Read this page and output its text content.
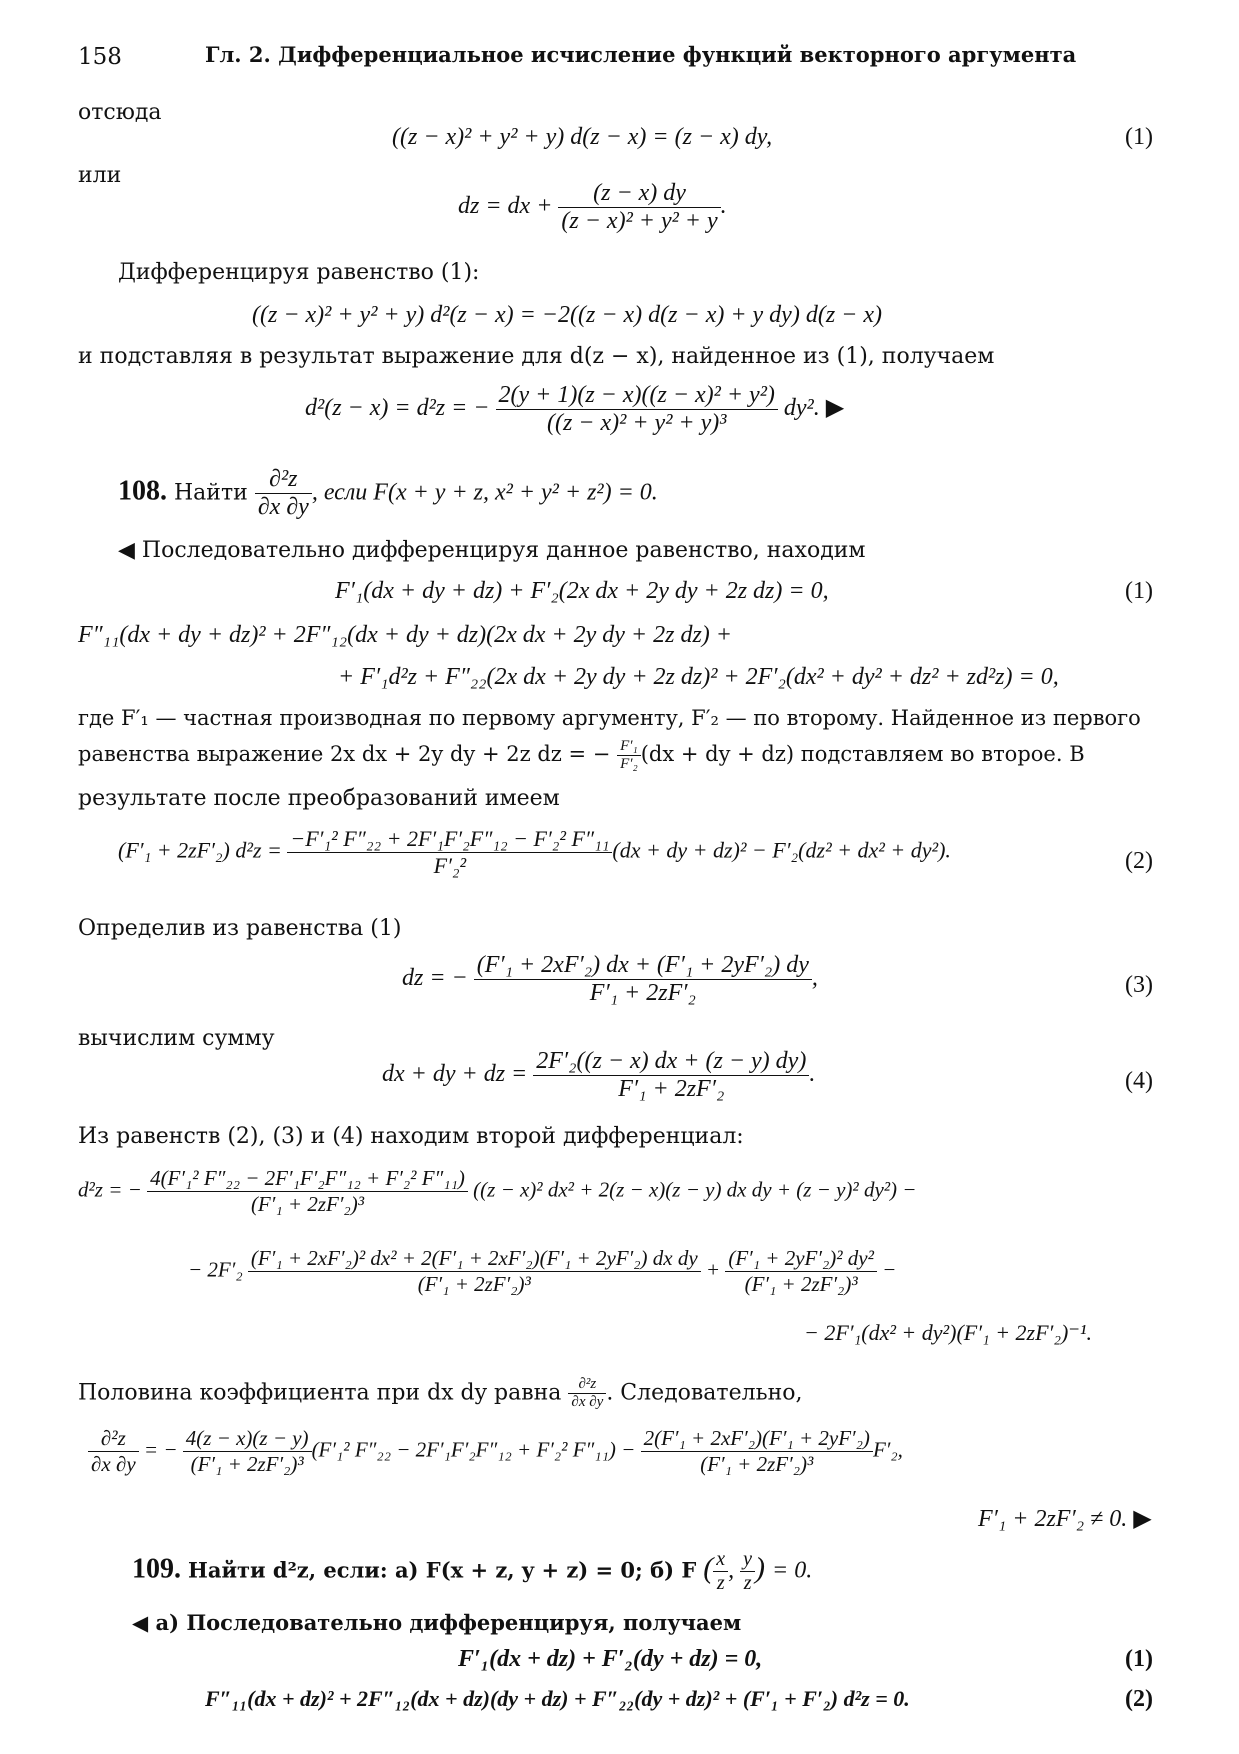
158	Гл. 2. Дифференциальное исчисление функций векторного аргумента
отсюда
((z − x)² + y² + y) d(z − x) = (z − x) dy,	(1)
или
dz = dx + $\frac{(z - x) dy}{\text{(z − x)² + y² + y}}$ .
Дифференцируя равенство (1):
((z − x)² + y² + y) d²(z − x) = −2((z − x) d(z − x) + y dy) d(z − x)
и подставляя в результат выражение для d(z − x), найденное из (1), получаем
d²(z − x) = d²z = − $\frac{\text{2(y + 1)(z − x)((z − x)² + y²)}}{\text{((z − x)² + y² + y)³}} dy^2$. ▶
108. Найти $\frac{\text{∂²z}}{\partial x \partial y}$ , если F(x + y + z, x² + y² + z²) = 0.
◀ Последовательно дифференцируя данное равенство, находим
F′₁(dx + dy + dz) + F′₂(2x dx + 2y dy + 2z dz) = 0,	(1)
F″₁₁(dx + dy + dz)² + 2F″₁₂(dx + dy + dz)(2x dx + 2y dy + 2z dz) +
+ F′₁d²z + F″₂₂(2x dx + 2y dy + 2z dz)² + 2F′₂(dx² + dy² + dz² + zd²z) = 0,
где F′₁ — частная производная по первому аргументу, F′₂ — по второму. Найденное из первого
равенства выражение 2x dx + 2y dy + 2z dz = − $\frac{\text{F′₁}}{\text{F′₂}} (dx$ + dy + dz) подставляем во второе. В
результате после преобразований имеем
(F′₁ + 2zF′₂) $d^2z = \frac{\text{−F′₁² F″₂₂ + 2F′₁F′₂F″₁₂ − F′₂² F″₁₁}}{\text{F′₂²}} (dx$ + dy + dz)² − F′₂(dz² + dx² + dy²).	(2)
Определив из равенства (1)
dz = − $\frac{\text{(F′₁ + 2xF′₂) dx + (F′₁ + 2yF′₂) dy}}{\text{F′₁ + 2zF′₂}}$ ,	(3)
вычислим сумму
dx + dy + dz = $\frac{\text{2F′₂((z − x) dx + (z − y) dy)}}{\text{F′₁ + 2zF′₂}}$ .	(4)
Из равенств (2), (3) и (4) находим второй дифференциал:
d²z = − $\frac{\text{4(F′₁² F″₂₂ − 2F′₁F′₂F″₁₂ + F′₂² F″₁₁)}}{\text{(F′₁ + 2zF′₂)³}} ((z - x)^2$ dx² + 2(z − x)(z − y) dx dy + (z − y)² dy²) −
− $2F'_2 \frac{\text{(F′₁ + 2xF′₂)² dx² + 2(F′₁ + 2xF′₂)(F′₁ + 2yF′₂) dx dy}}{\text{(F′₁ + 2zF′₂)³}} + \frac{\text{(F′₁ + 2yF′₂)² dy²}}{\text{(F′₁ + 2zF′₂)³}}$ −
− 2F′₁(dx² + dy²)(F′₁ + 2zF′₂)⁻¹.
Половина коэффициента при dx dy равна $\frac{\text{∂²z}}{\partial x \partial y}$ . Следовательно,
$\frac{\text{∂²z}}{\partial x \partial y}$ = − $\frac{4(z - x)(z - y)}{\text{(F′₁ + 2zF′₂)³}} (F'_1^2$ F″₂₂ − 2F′₁F′₂F″₁₂ + F′₂² $F''_{11}) - \frac{\text{2(F′₁ + 2xF′₂)(F′₁ + 2yF′₂)}}{\text{(F′₁ + 2zF′₂)³}} F'_2$,
F′₁ + 2zF′₂ ≠ 0. ▶
109. Найти d²z, если: а) F(x + z, y + z) = 0; б) F ( $\frac{x}{z}$ , $\frac{y}{z}$ ) = 0.
◀ а) Последовательно дифференцируя, получаем
F′₁(dx + dz) + F′₂(dy + dz) = 0,	(1)
F″₁₁(dx + dz)² + 2F″₁₂(dx + dz)(dy + dz) + F″₂₂(dy + dz)² + (F′₁ + F′₂) d²z = 0.	(2)
